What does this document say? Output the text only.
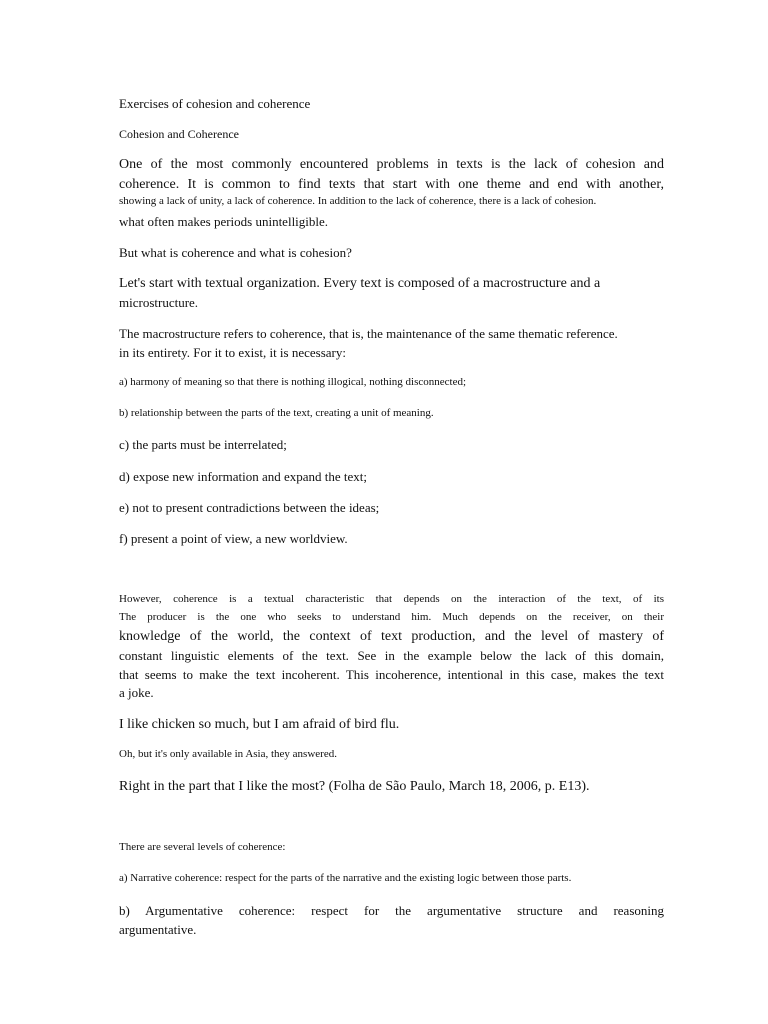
Exercises of cohesion and coherence
Cohesion and Coherence
One of the most commonly encountered problems in texts is the lack of cohesion and
coherence. It is common to find texts that start with one theme and end with another,
showing a lack of unity, a lack of coherence. In addition to the lack of coherence, there is a lack of cohesion.
what often makes periods unintelligible.
But what is coherence and what is cohesion?
Let's start with textual organization. Every text is composed of a macrostructure and a
microstructure.
The macrostructure refers to coherence, that is, the maintenance of the same thematic reference.
in its entirety. For it to exist, it is necessary:
a) harmony of meaning so that there is nothing illogical, nothing disconnected;
b) relationship between the parts of the text, creating a unit of meaning.
c) the parts must be interrelated;
d) expose new information and expand the text;
e) not to present contradictions between the ideas;
f) present a point of view, a new worldview.
However, coherence is a textual characteristic that depends on the interaction of the text, of its
The producer is the one who seeks to understand him. Much depends on the receiver, on their
knowledge of the world, the context of text production, and the level of mastery of
constant linguistic elements of the text. See in the example below the lack of this domain,
that seems to make the text incoherent. This incoherence, intentional in this case, makes the text
a joke.
I like chicken so much, but I am afraid of bird flu.
Oh, but it's only available in Asia, they answered.
Right in the part that I like the most? (Folha de São Paulo, March 18, 2006, p. E13).
There are several levels of coherence:
a) Narrative coherence: respect for the parts of the narrative and the existing logic between those parts.
b) Argumentative coherence: respect for the argumentative structure and reasoning
argumentative.
